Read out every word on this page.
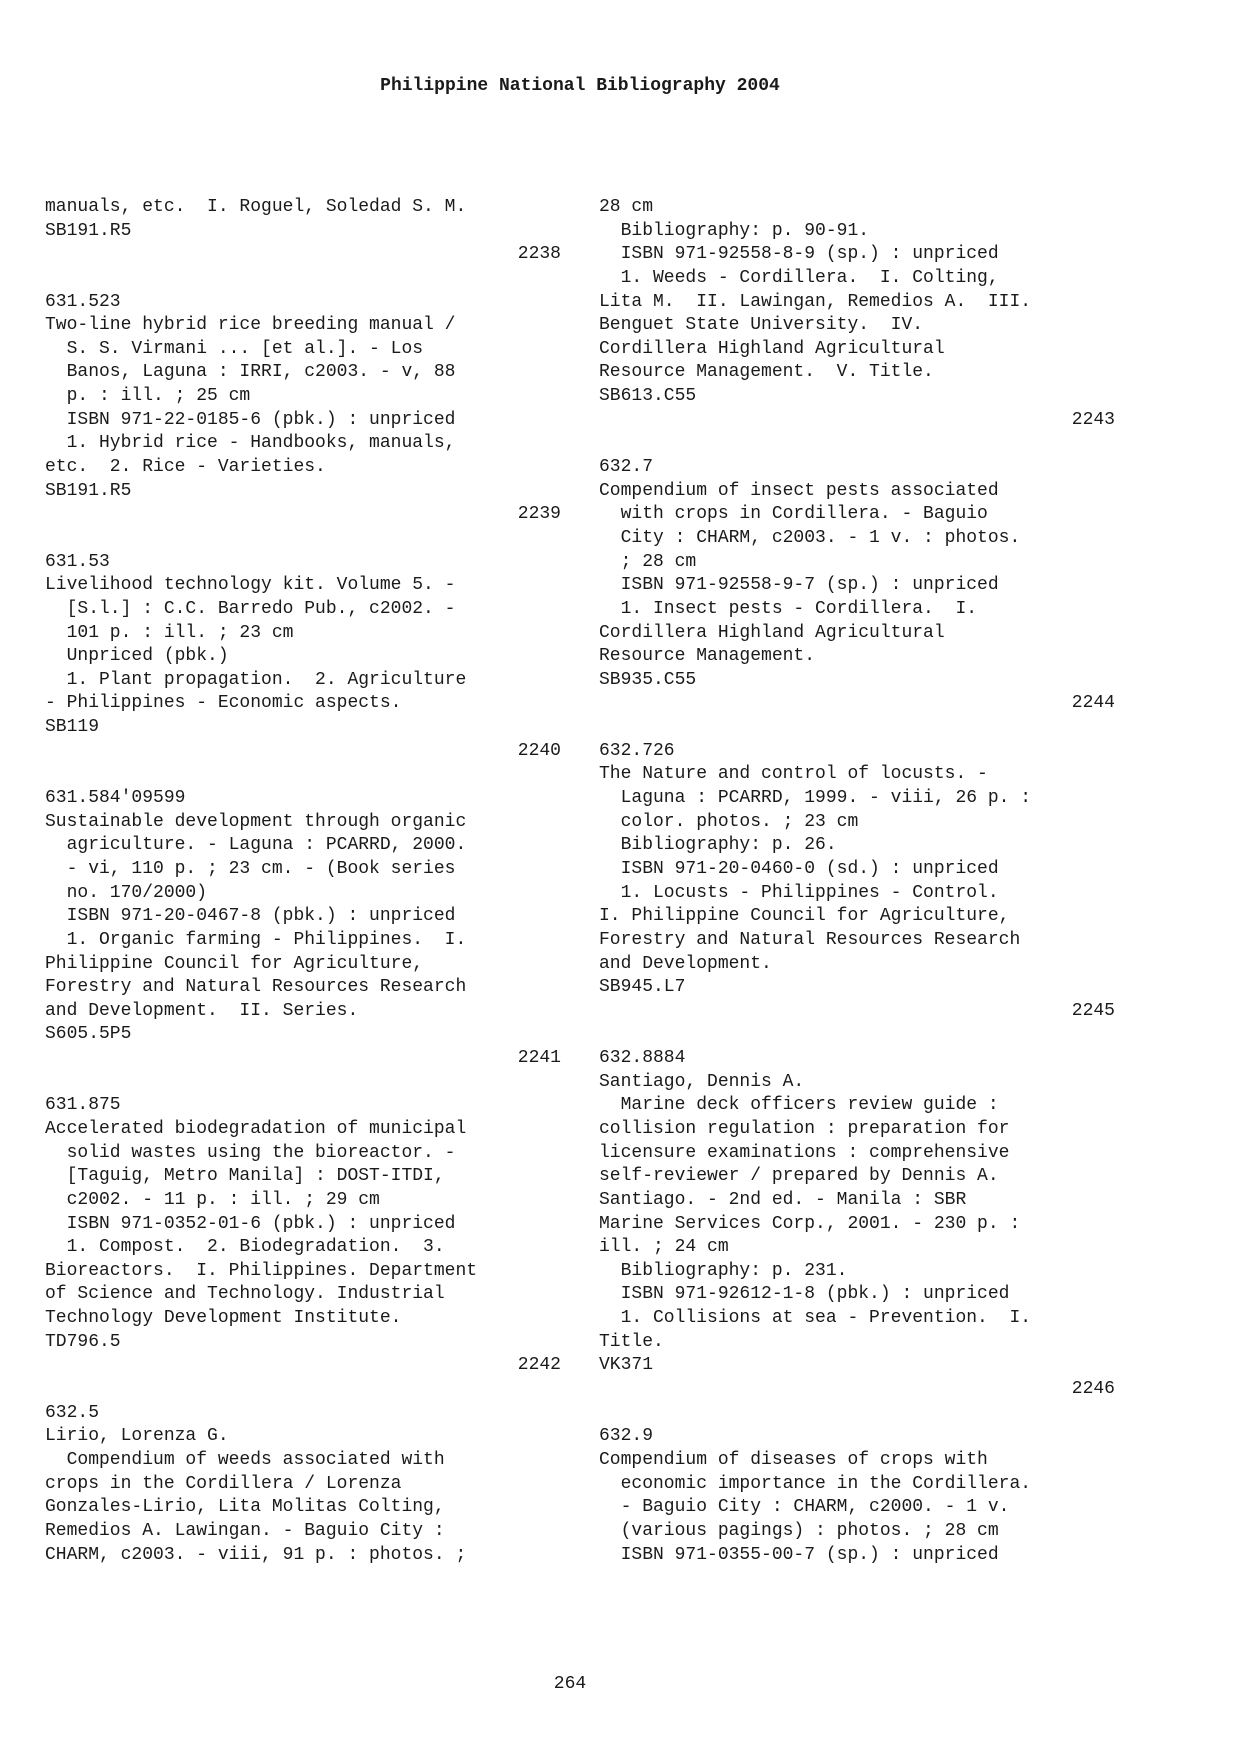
Philippine National Bibliography 2004
manuals, etc.  I. Roguel, Soledad S. M.
SB191.R5
2238
631.523
Two-line hybrid rice breeding manual /
S. S. Virmani ... [et al.]. - Los
Banos, Laguna : IRRI, c2003. - v, 88
p. : ill. ; 25 cm
ISBN 971-22-0185-6 (pbk.) : unpriced
1. Hybrid rice - Handbooks, manuals,
etc.  2. Rice - Varieties.
SB191.R5
2239
631.53
Livelihood technology kit. Volume 5. -
[S.l.] : C.C. Barredo Pub., c2002. -
101 p. : ill. ; 23 cm
Unpriced (pbk.)
1. Plant propagation.  2. Agriculture
- Philippines - Economic aspects.
SB119
2240
631.584'09599
Sustainable development through organic
agriculture. - Laguna : PCARRD, 2000.
- vi, 110 p. ; 23 cm. - (Book series
no. 170/2000)
ISBN 971-20-0467-8 (pbk.) : unpriced
1. Organic farming - Philippines.  I.
Philippine Council for Agriculture,
Forestry and Natural Resources Research
and Development.  II. Series.
S605.5P5
2241
631.875
Accelerated biodegradation of municipal
solid wastes using the bioreactor. -
[Taguig, Metro Manila] : DOST-ITDI,
c2002. - 11 p. : ill. ; 29 cm
ISBN 971-0352-01-6 (pbk.) : unpriced
1. Compost.  2. Biodegradation.  3.
Bioreactors.  I. Philippines. Department
of Science and Technology. Industrial
Technology Development Institute.
TD796.5
2242
632.5
Lirio, Lorenza G.
Compendium of weeds associated with
crops in the Cordillera / Lorenza
Gonzales-Lirio, Lita Molitas Colting,
Remedios A. Lawingan. - Baguio City :
CHARM, c2003. - viii, 91 p. : photos. ;
28 cm
Bibliography: p. 90-91.
ISBN 971-92558-8-9 (sp.) : unpriced
1. Weeds - Cordillera.  I. Colting,
Lita M.  II. Lawingan, Remedios A.  III.
Benguet State University.  IV.
Cordillera Highland Agricultural
Resource Management.  V. Title.
SB613.C55
2243
632.7
Compendium of insect pests associated
with crops in Cordillera. - Baguio
City : CHARM, c2003. - 1 v. : photos.
; 28 cm
ISBN 971-92558-9-7 (sp.) : unpriced
1. Insect pests - Cordillera.  I.
Cordillera Highland Agricultural
Resource Management.
SB935.C55
2244
632.726
The Nature and control of locusts. -
Laguna : PCARRD, 1999. - viii, 26 p. :
color. photos. ; 23 cm
Bibliography: p. 26.
ISBN 971-20-0460-0 (sd.) : unpriced
1. Locusts - Philippines - Control.
I. Philippine Council for Agriculture,
Forestry and Natural Resources Research
and Development.
SB945.L7
2245
632.8884
Santiago, Dennis A.
Marine deck officers review guide :
collision regulation : preparation for
licensure examinations : comprehensive
self-reviewer / prepared by Dennis A.
Santiago. - 2nd ed. - Manila : SBR
Marine Services Corp., 2001. - 230 p. :
ill. ; 24 cm
Bibliography: p. 231.
ISBN 971-92612-1-8 (pbk.) : unpriced
1. Collisions at sea - Prevention.  I.
Title.
VK371
2246
632.9
Compendium of diseases of crops with
economic importance in the Cordillera.
- Baguio City : CHARM, c2000. - 1 v.
(various pagings) : photos. ; 28 cm
ISBN 971-0355-00-7 (sp.) : unpriced
264
